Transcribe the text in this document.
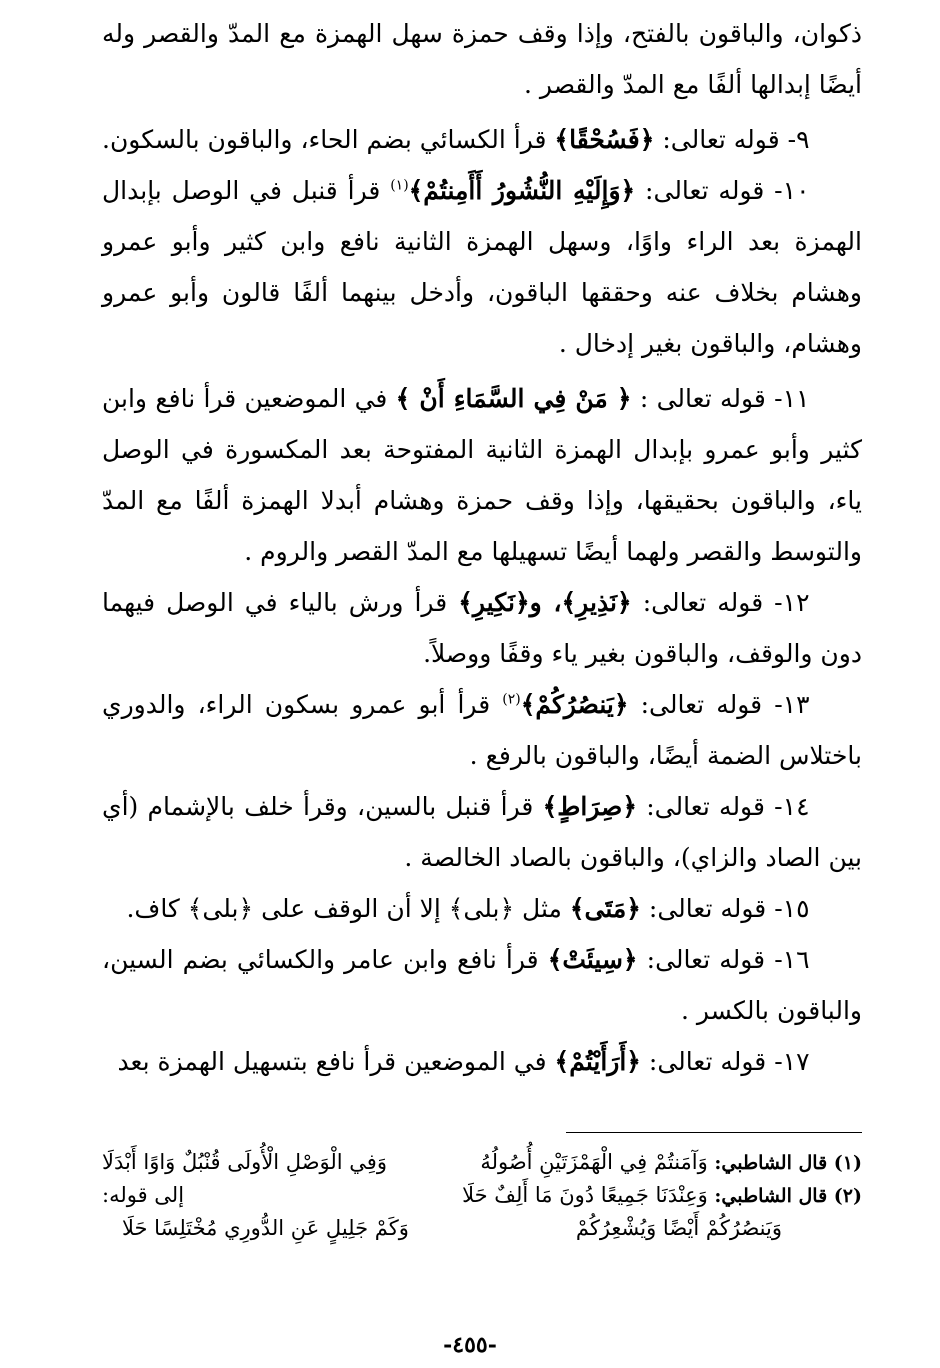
ذكوان، والباقون بالفتح، وإذا وقف حمزة سهل الهمزة مع المدّ والقصر وله أيضًا إبدالها ألفًا مع المدّ والقصر .

٩- قوله تعالى: ﴿فَسُحْقًا﴾ قرأ الكسائي بضم الحاء، والباقون بالسكون.

١٠- قوله تعالى: ﴿وَإِلَيْهِ النُّشُورُ أَأَمِنتُمْ﴾$^{(١)}$ قرأ قنبل في الوصل بإبدال الهمزة بعد الراء واوًا، وسهل الهمزة الثانية نافع وابن كثير وأبو عمرو وهشام بخلاف عنه وحققها الباقون، وأدخل بينهما ألفًا قالون وأبو عمرو وهشام، والباقون بغير إدخال .

١١- قوله تعالى : ﴿ مَنْ فِي السَّمَاءِ أَنْ ﴾ في الموضعين قرأ نافع وابن كثير وأبو عمرو بإبدال الهمزة الثانية المفتوحة بعد المكسورة في الوصل ياء، والباقون بحقيقها، وإذا وقف حمزة وهشام أبدلا الهمزة ألفًا مع المدّ والتوسط والقصر ولهما أيضًا تسهيلها مع المدّ القصر والروم .

١٢- قوله تعالى: ﴿نَذِيرِ﴾، و﴿نَكِيرِ﴾ قرأ ورش بالياء في الوصل فيهما دون والوقف، والباقون بغير ياء وقفًا ووصلاً.

١٣- قوله تعالى: ﴿يَنصُرُكُمْ﴾$^{(٢)}$ قرأ أبو عمرو بسكون الراء، والدوري باختلاس الضمة أيضًا، والباقون بالرفع .

١٤- قوله تعالى: ﴿صِرَاطٍ﴾ قرأ قنبل بالسين، وقرأ خلف بالإشمام (أي بين الصاد والزاي)، والباقون بالصاد الخالصة .

١٥- قوله تعالى: ﴿مَتَى﴾ مثل ﴿بلى﴾ إلا أن الوقف على ﴿بلى﴾ كاف.

١٦- قوله تعالى: ﴿سِيئَتْ﴾ قرأ نافع وابن عامر والكسائي بضم السين، والباقون بالكسر .

١٧- قوله تعالى: ﴿أَرَأَيْتُمْ﴾ في الموضعين قرأ نافع بتسهيل الهمزة بعد

(١) قال الشاطبي: وَآمَنتُمْ فِي الْهَمْزَتَيْنِ أُصُولُهُ
وَفِي الْوَصْلِ الْأُولَى قُنْبُلٌ وَاوًا أَبْدَلَا
(٢) قال الشاطبي: وَعِنْدَنَا جَمِيعًا دُونَ مَا أَلِفٌ حَلَا
إلى قوله:
وَيَنصُرُكُمْ أَيْضًا وَيُشْعِرُكُمْ
وَكَمْ جَلِيلٍ عَنِ الدُّورِي مُخْتَلِسًا حَلَا
-٤٥٥-
